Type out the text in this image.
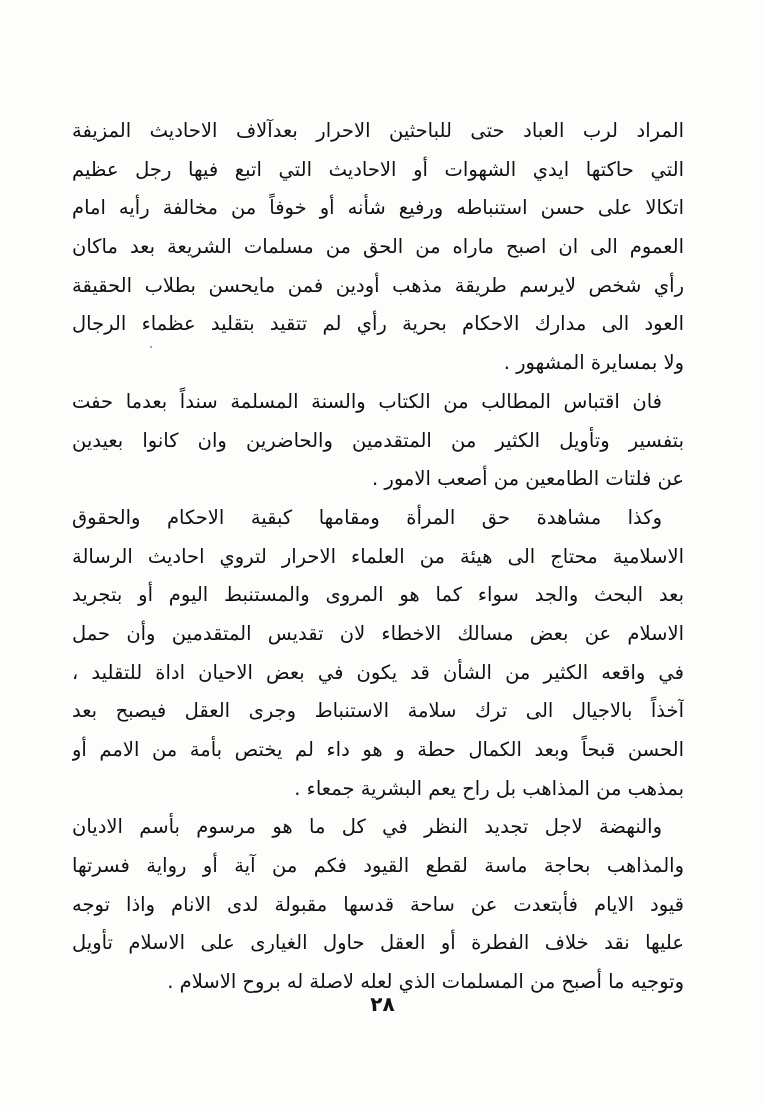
المراد لرب العباد حتى للباحثين الاحرار بعدآلاف الاحاديث المزيفة
التي حاكتها ايدي الشهوات أو الاحاديث التي اتبع فيها رجل عظيم
اتكالا على حسن استنباطه ورفيع شأنه أو خوفاً من مخالفة رأيه امام
العموم الى ان اصبح ماراه من الحق من مسلمات الشريعة بعد ماكان
رأي شخص لايرسم طريقة مذهب أودين فمن مايحسن بطلاب الحقيقة
العود الى مدارك الاحكام بحرية رأي لم تتقيد بتقليد عظماء الرجال
ولا بمسايرة المشهور .
فان اقتباس المطالب من الكتاب والسنة المسلمة سنداً بعدما حفت
بتفسير وتأويل الكثير من المتقدمين والحاضرين وان كانوا بعيدين
عن فلتات الطامعين من أصعب الامور .
وكذا مشاهدة حق المرأة ومقامها كبقية الاحكام والحقوق
الاسلامية محتاج الى هيئة من العلماء الاحرار لتروي احاديث الرسالة
بعد البحث والجد سواء كما هو المروى والمستنبط اليوم أو بتجريد
الاسلام عن بعض مسالك الاخطاء لان تقديس المتقدمين وأن حمل
في واقعه الكثير من الشأن قد يكون في بعض الاحيان اداة للتقليد ،
آخذاً بالاجيال الى ترك سلامة الاستنباط وجرى العقل فيصبح بعد
الحسن قبحاً وبعد الكمال حطة و هو داء لم يختص بأمة من الامم أو
بمذهب من المذاهب بل راح يعم البشرية جمعاء .
والنهضة لاجل تجديد النظر في كل ما هو مرسوم بأسم الاديان
والمذاهب بحاجة ماسة لقطع القيود فكم من آية أو رواية فسرتها
قيود الايام فأبتعدت عن ساحة قدسها مقبولة لدى الانام واذا توجه
عليها نقد خلاف الفطرة أو العقل حاول الغيارى على الاسلام تأويل
وتوجيه ما أصبح من المسلمات الذي لعله لاصلة له بروح الاسلام .
٢٨
